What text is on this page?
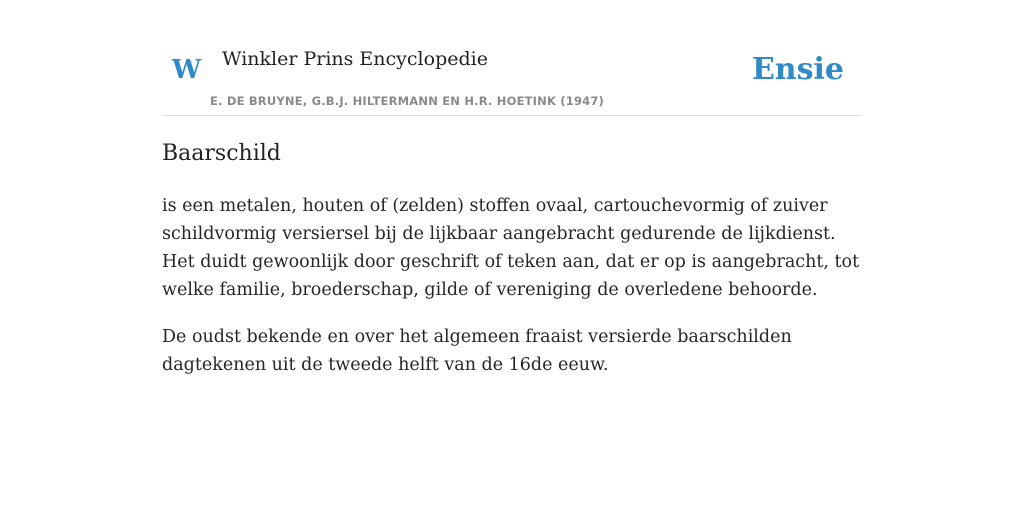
W Winkler Prins Encyclopedie
E. DE BRUYNE, G.B.J. HILTERMANN EN H.R. HOETINK (1947)
Ensie
Baarschild

is een metalen, houten of (zelden) stoffen ovaal, cartouchevormig of zuiver schildvormig versiersel bij de lijkbaar aangebracht gedurende de lijkdienst. Het duidt gewoonlijk door geschrift of teken aan, dat er op is aangebracht, tot welke familie, broederschap, gilde of vereniging de overledene behoorde.

De oudst bekende en over het algemeen fraaist versierde baarschilden dagtekenen uit de tweede helft van de 16de eeuw.
